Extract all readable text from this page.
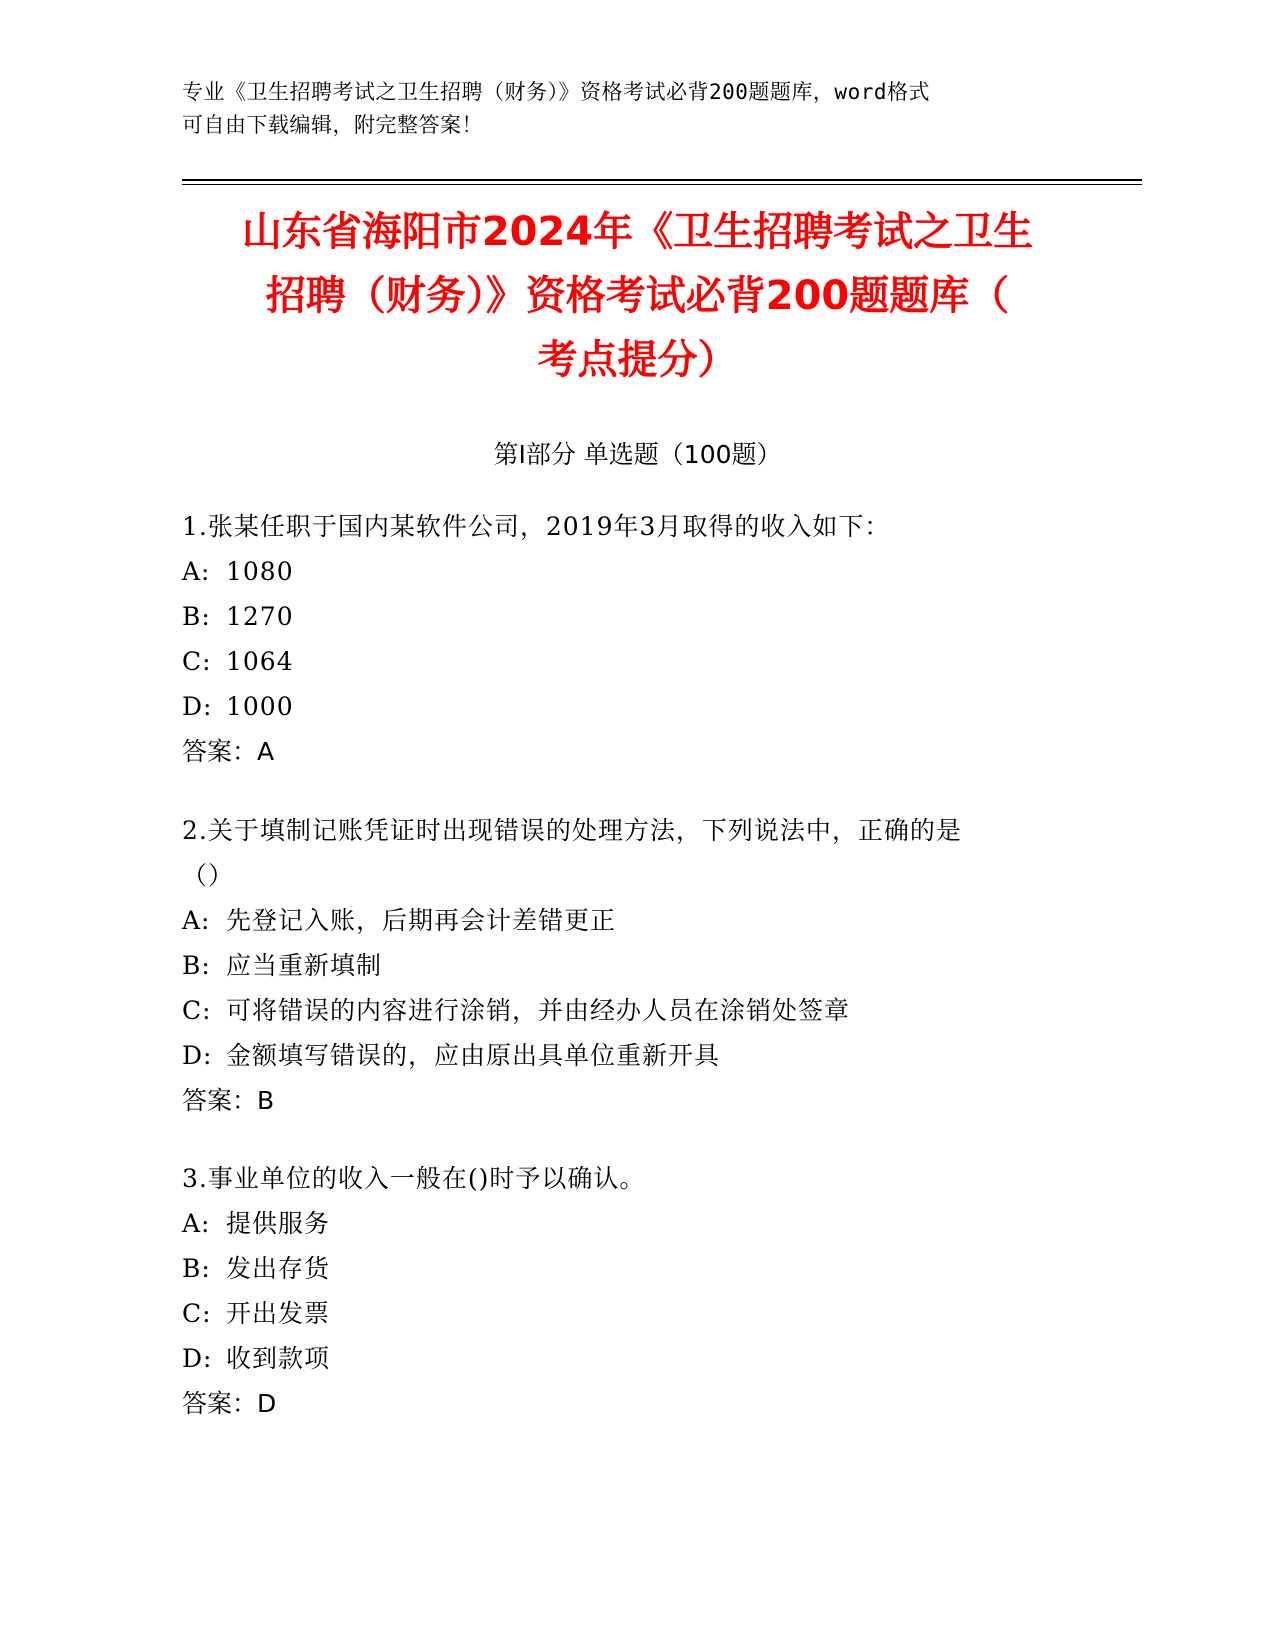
专业《卫生招聘考试之卫生招聘（财务）》资格考试必背200题题库，word格式
可自由下载编辑，附完整答案！
山东省海阳市2024年《卫生招聘考试之卫生
招聘（财务）》资格考试必背200题题库（
考点提分）
第Ⅰ部分 单选题（100题）
1.张某任职于国内某软件公司，2019年3月取得的收入如下：
A: 1080
B: 1270
C: 1064
D: 1000
答案：A
2.关于填制记账凭证时出现错误的处理方法，下列说法中，正确的是
（）
A: 先登记入账，后期再会计差错更正
B: 应当重新填制
C: 可将错误的内容进行涂销，并由经办人员在涂销处签章
D: 金额填写错误的，应由原出具单位重新开具
答案：B
3.事业单位的收入一般在()时予以确认。
A: 提供服务
B: 发出存货
C: 开出发票
D: 收到款项
答案：D
